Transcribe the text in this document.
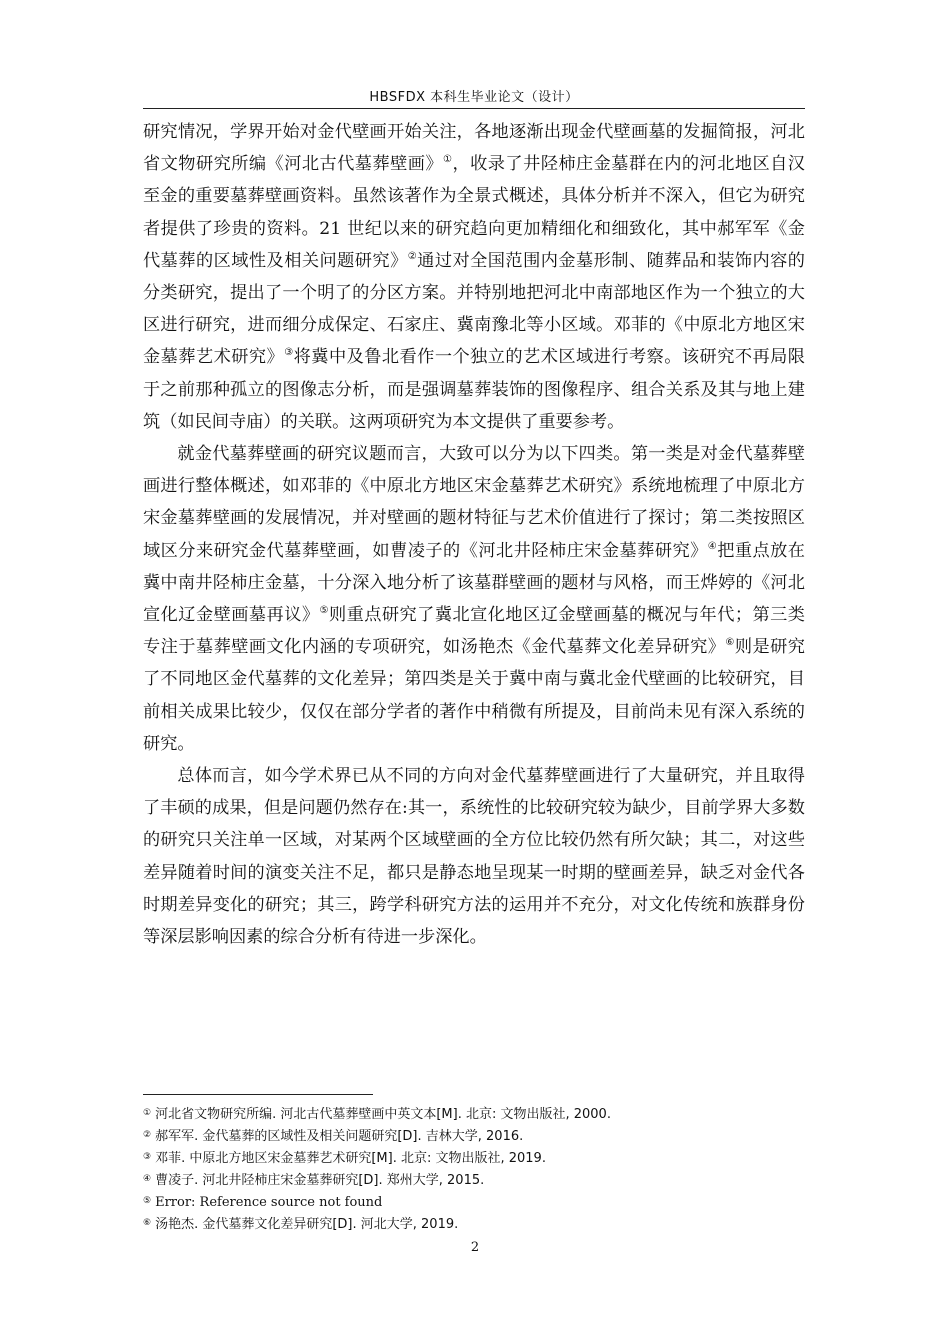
HBSFDX 本科生毕业论文（设计）

研究情况，学界开始对金代壁画开始关注，各地逐渐出现金代壁画墓的发掘简报，河北省文物研究所编《河北古代墓葬壁画》①，收录了井陉柿庄金墓群在内的河北地区自汉至金的重要墓葬壁画资料。虽然该著作为全景式概述，具体分析并不深入，但它为研究者提供了珍贵的资料。21 世纪以来的研究趋向更加精细化和细致化，其中郝军军《金代墓葬的区域性及相关问题研究》②通过对全国范围内金墓形制、随葬品和装饰内容的分类研究，提出了一个明了的分区方案。并特别地把河北中南部地区作为一个独立的大区进行研究，进而细分成保定、石家庄、冀南豫北等小区域。邓菲的《中原北方地区宋金墓葬艺术研究》③将冀中及鲁北看作一个独立的艺术区域进行考察。该研究不再局限于之前那种孤立的图像志分析，而是强调墓葬装饰的图像程序、组合关系及其与地上建筑（如民间寺庙）的关联。这两项研究为本文提供了重要参考。

就金代墓葬壁画的研究议题而言，大致可以分为以下四类。第一类是对金代墓葬壁画进行整体概述，如邓菲的《中原北方地区宋金墓葬艺术研究》系统地梳理了中原北方宋金墓葬壁画的发展情况，并对壁画的题材特征与艺术价值进行了探讨；第二类按照区域区分来研究金代墓葬壁画，如曹凌子的《河北井陉柿庄宋金墓葬研究》④把重点放在冀中南井陉柿庄金墓，十分深入地分析了该墓群壁画的题材与风格，而王烨婷的《河北宣化辽金壁画墓再议》⑤则重点研究了冀北宣化地区辽金壁画墓的概况与年代；第三类专注于墓葬壁画文化内涵的专项研究，如汤艳杰《金代墓葬文化差异研究》⑥则是研究了不同地区金代墓葬的文化差异；第四类是关于冀中南与冀北金代壁画的比较研究，目前相关成果比较少，仅仅在部分学者的著作中稍微有所提及，目前尚未见有深入系统的研究。

总体而言，如今学术界已从不同的方向对金代墓葬壁画进行了大量研究，并且取得了丰硕的成果，但是问题仍然存在:其一，系统性的比较研究较为缺少，目前学界大多数的研究只关注单一区域，对某两个区域壁画的全方位比较仍然有所欠缺；其二，对这些差异随着时间的演变关注不足，都只是静态地呈现某一时期的壁画差异，缺乏对金代各时期差异变化的研究；其三，跨学科研究方法的运用并不充分，对文化传统和族群身份等深层影响因素的综合分析有待进一步深化。

① 河北省文物研究所编. 河北古代墓葬壁画中英文本[M]. 北京: 文物出版社, 2000.
② 郝军军. 金代墓葬的区域性及相关问题研究[D]. 吉林大学, 2016.
③ 邓菲. 中原北方地区宋金墓葬艺术研究[M]. 北京: 文物出版社, 2019.
④ 曹凌子. 河北井陉柿庄宋金墓葬研究[D]. 郑州大学, 2015.
⑤ Error: Reference source not found
⑥ 汤艳杰. 金代墓葬文化差异研究[D]. 河北大学, 2019.
2
